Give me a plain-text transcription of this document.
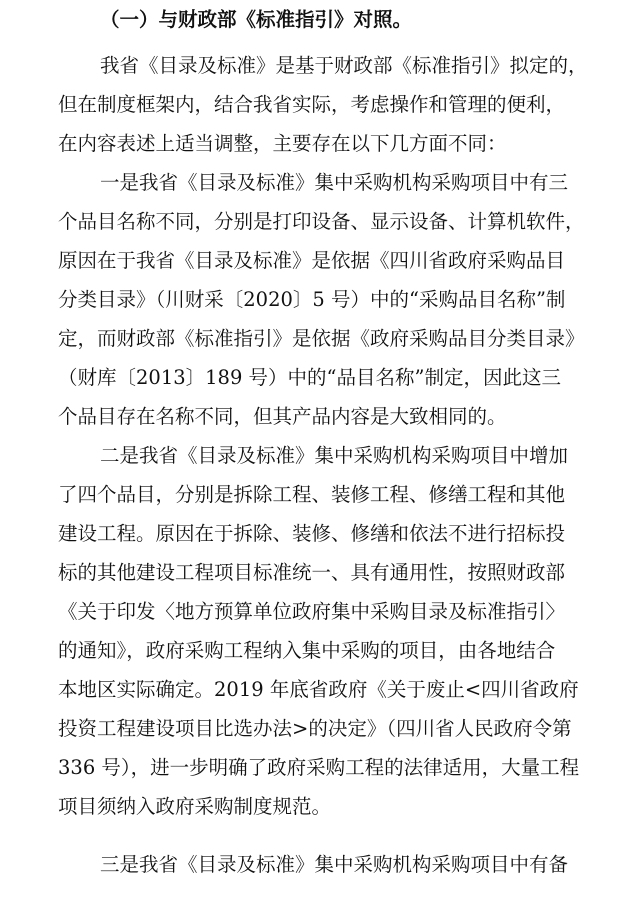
（一）与财政部《标准指引》对照。
我省《目录及标准》是基于财政部《标准指引》拟定的，
但在制度框架内，结合我省实际，考虑操作和管理的便利，
在内容表述上适当调整，主要存在以下几方面不同：
一是我省《目录及标准》集中采购机构采购项目中有三
个品目名称不同，分别是打印设备、显示设备、计算机软件，
原因在于我省《目录及标准》是依据《四川省政府采购品目
分类目录》（川财采〔2020〕5 号）中的“采购品目名称”制
定，而财政部《标准指引》是依据《政府采购品目分类目录》
（财库〔2013〕189 号）中的“品目名称”制定，因此这三
个品目存在名称不同，但其产品内容是大致相同的。
二是我省《目录及标准》集中采购机构采购项目中增加
了四个品目，分别是拆除工程、装修工程、修缮工程和其他
建设工程。原因在于拆除、装修、修缮和依法不进行招标投
标的其他建设工程项目标准统一、具有通用性，按照财政部
《关于印发〈地方预算单位政府集中采购目录及标准指引〉
的通知》，政府采购工程纳入集中采购的项目，由各地结合
本地区实际确定。2019 年底省政府《关于废止<四川省政府
投资工程建设项目比选办法>的决定》（四川省人民政府令第
336 号），进一步明确了政府采购工程的法律适用，大量工程
项目须纳入政府采购制度规范。
三是我省《目录及标准》集中采购机构采购项目中有备
